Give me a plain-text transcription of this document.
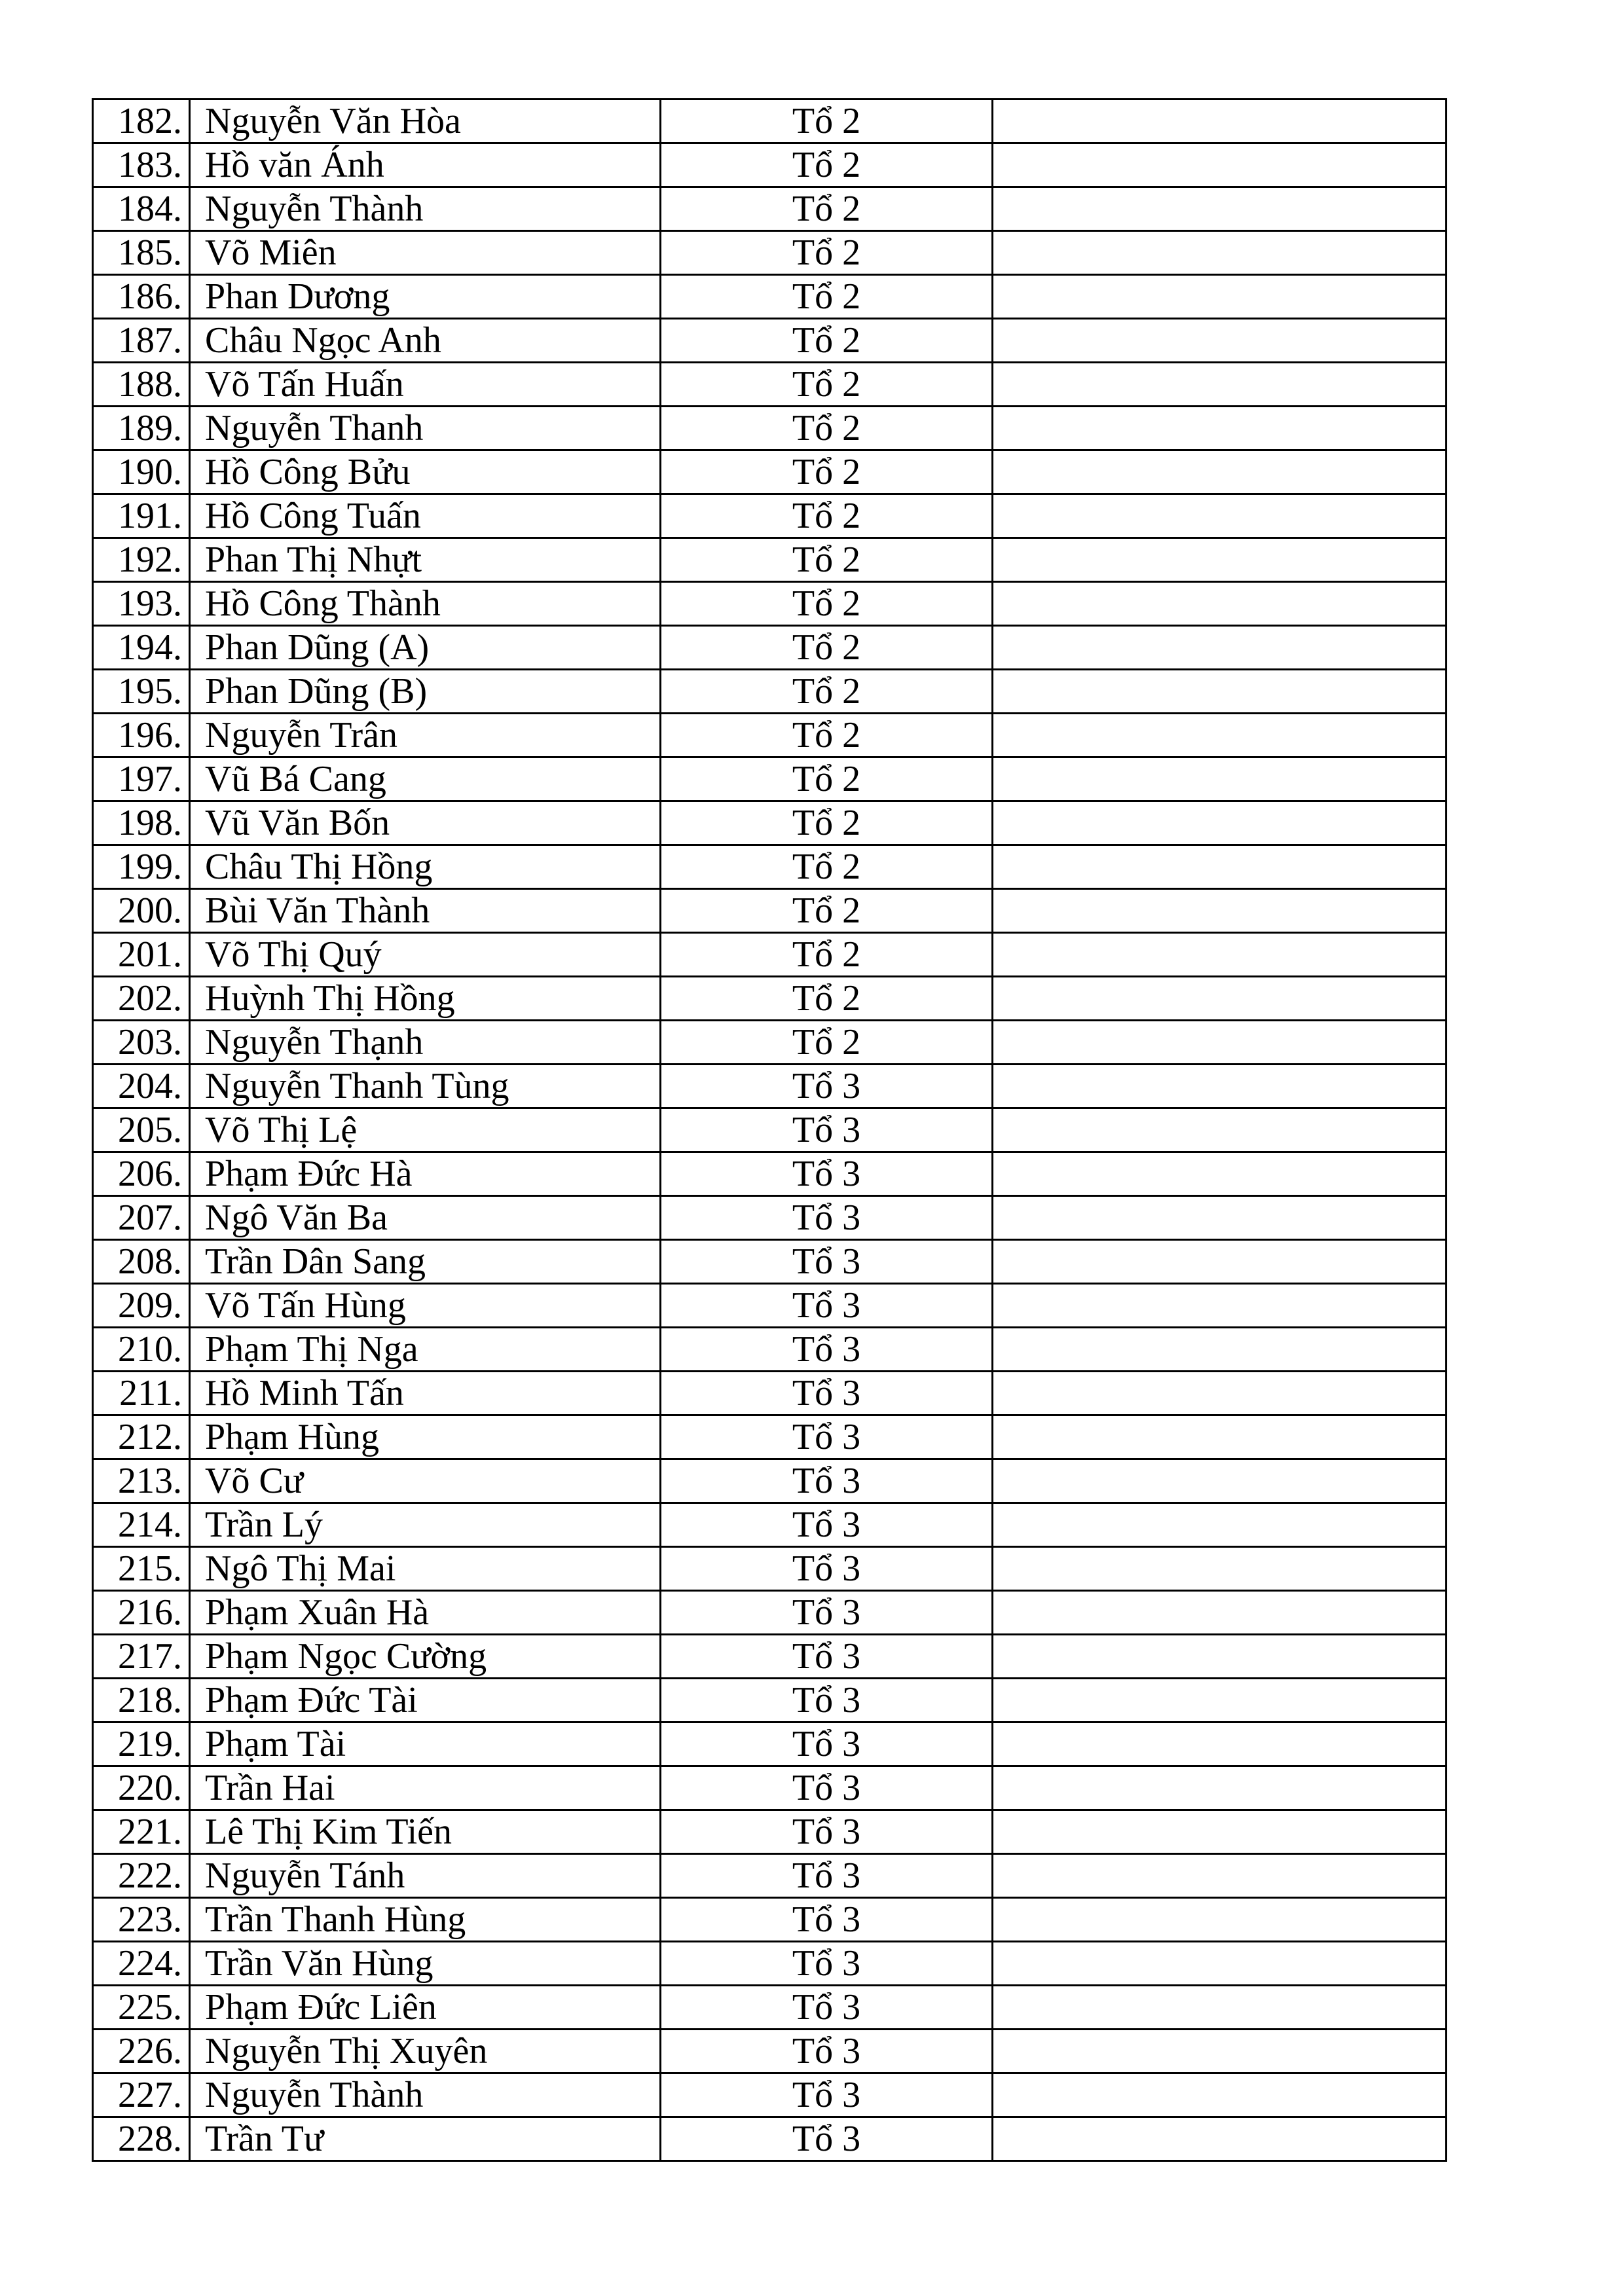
182.	Nguyễn Văn Hòa	Tổ 2	
183.	Hồ văn Ánh	Tổ 2	
184.	Nguyễn Thành	Tổ 2	
185.	Võ Miên	Tổ 2	
186.	Phan Dương	Tổ 2	
187.	Châu Ngọc Anh	Tổ 2	
188.	Võ Tấn Huấn	Tổ 2	
189.	Nguyễn Thanh	Tổ 2	
190.	Hồ Công Bửu	Tổ 2	
191.	Hồ Công Tuấn	Tổ 2	
192.	Phan Thị Nhựt	Tổ 2	
193.	Hồ Công Thành	Tổ 2	
194.	Phan Dũng (A)	Tổ 2	
195.	Phan Dũng (B)	Tổ 2	
196.	Nguyễn Trân	Tổ 2	
197.	Vũ Bá Cang	Tổ 2	
198.	Vũ Văn Bốn	Tổ 2	
199.	Châu Thị Hồng	Tổ 2	
200.	Bùi Văn Thành	Tổ 2	
201.	Võ Thị Quý	Tổ 2	
202.	Huỳnh Thị Hồng	Tổ 2	
203.	Nguyễn Thạnh	Tổ 2	
204.	Nguyễn Thanh Tùng	Tổ 3	
205.	Võ Thị Lệ	Tổ 3	
206.	Phạm Đức Hà	Tổ 3	
207.	Ngô Văn Ba	Tổ 3	
208.	Trần Dân Sang	Tổ 3	
209.	Võ Tấn Hùng	Tổ 3	
210.	Phạm Thị Nga	Tổ 3	
211.	Hồ Minh Tấn	Tổ 3	
212.	Phạm Hùng	Tổ 3	
213.	Võ Cư	Tổ 3	
214.	Trần Lý	Tổ 3	
215.	Ngô Thị Mai	Tổ 3	
216.	Phạm Xuân Hà	Tổ 3	
217.	Phạm Ngọc Cường	Tổ 3	
218.	Phạm Đức Tài	Tổ 3	
219.	Phạm Tài	Tổ 3	
220.	Trần Hai	Tổ 3	
221.	Lê Thị Kim Tiến	Tổ 3	
222.	Nguyễn Tánh	Tổ 3	
223.	Trần Thanh Hùng	Tổ 3	
224.	Trần Văn Hùng	Tổ 3	
225.	Phạm Đức Liên	Tổ 3	
226.	Nguyễn Thị Xuyên	Tổ 3	
227.	Nguyễn Thành	Tổ 3	
228.	Trần Tư	Tổ 3	
